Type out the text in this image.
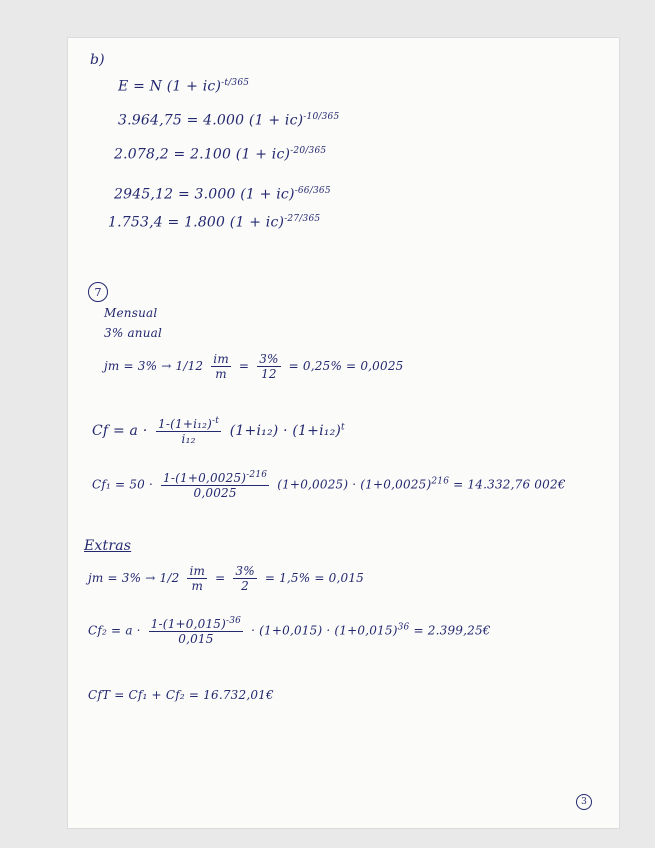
b)
E = N (1 + ic)$^{-t/365}$
3.964,75 = 4.000 (1 + ic)$^{-10/365}$
2.078,2 = 2.100 (1 + ic)$^{-20/365}$
2945,12 = 3.000 (1 + ic)$^{-66/365}$
1.753,4 = 1.800 (1 + ic)$^{-27/365}$
7
Mensual
3% anual
jm = $3\% \to 1/12 \frac{im}{m} = \frac{3\%}{12} = 0,25\% = 0,0025$
$Cf = a \cdot \frac{1-(1+i_{12})^{-t}}{\text{i₁₂}} (1+i_{12}) \cdot (1+i_{12})^t$
$Cf_1 = 50 \cdot \frac{1-(1+0,0025)^{-216}}{0,0025} (1+0,0025) \cdot (1+0,0025)^{216} = 14.332,76$ 002€
Extras
jm = $3\% \to 1/2 \frac{im}{m} = \frac{3\%}{2} = 1,5\% = 0,015$
$Cf_2 = a \cdot \frac{1-(1+0,015)^{-36}}{0,015} \cdot (1+0,015) \cdot (1+0,015)^{36}$ = 2.399,25€
CfT = Cf₁ + Cf₂ = 16.732,01€
3
